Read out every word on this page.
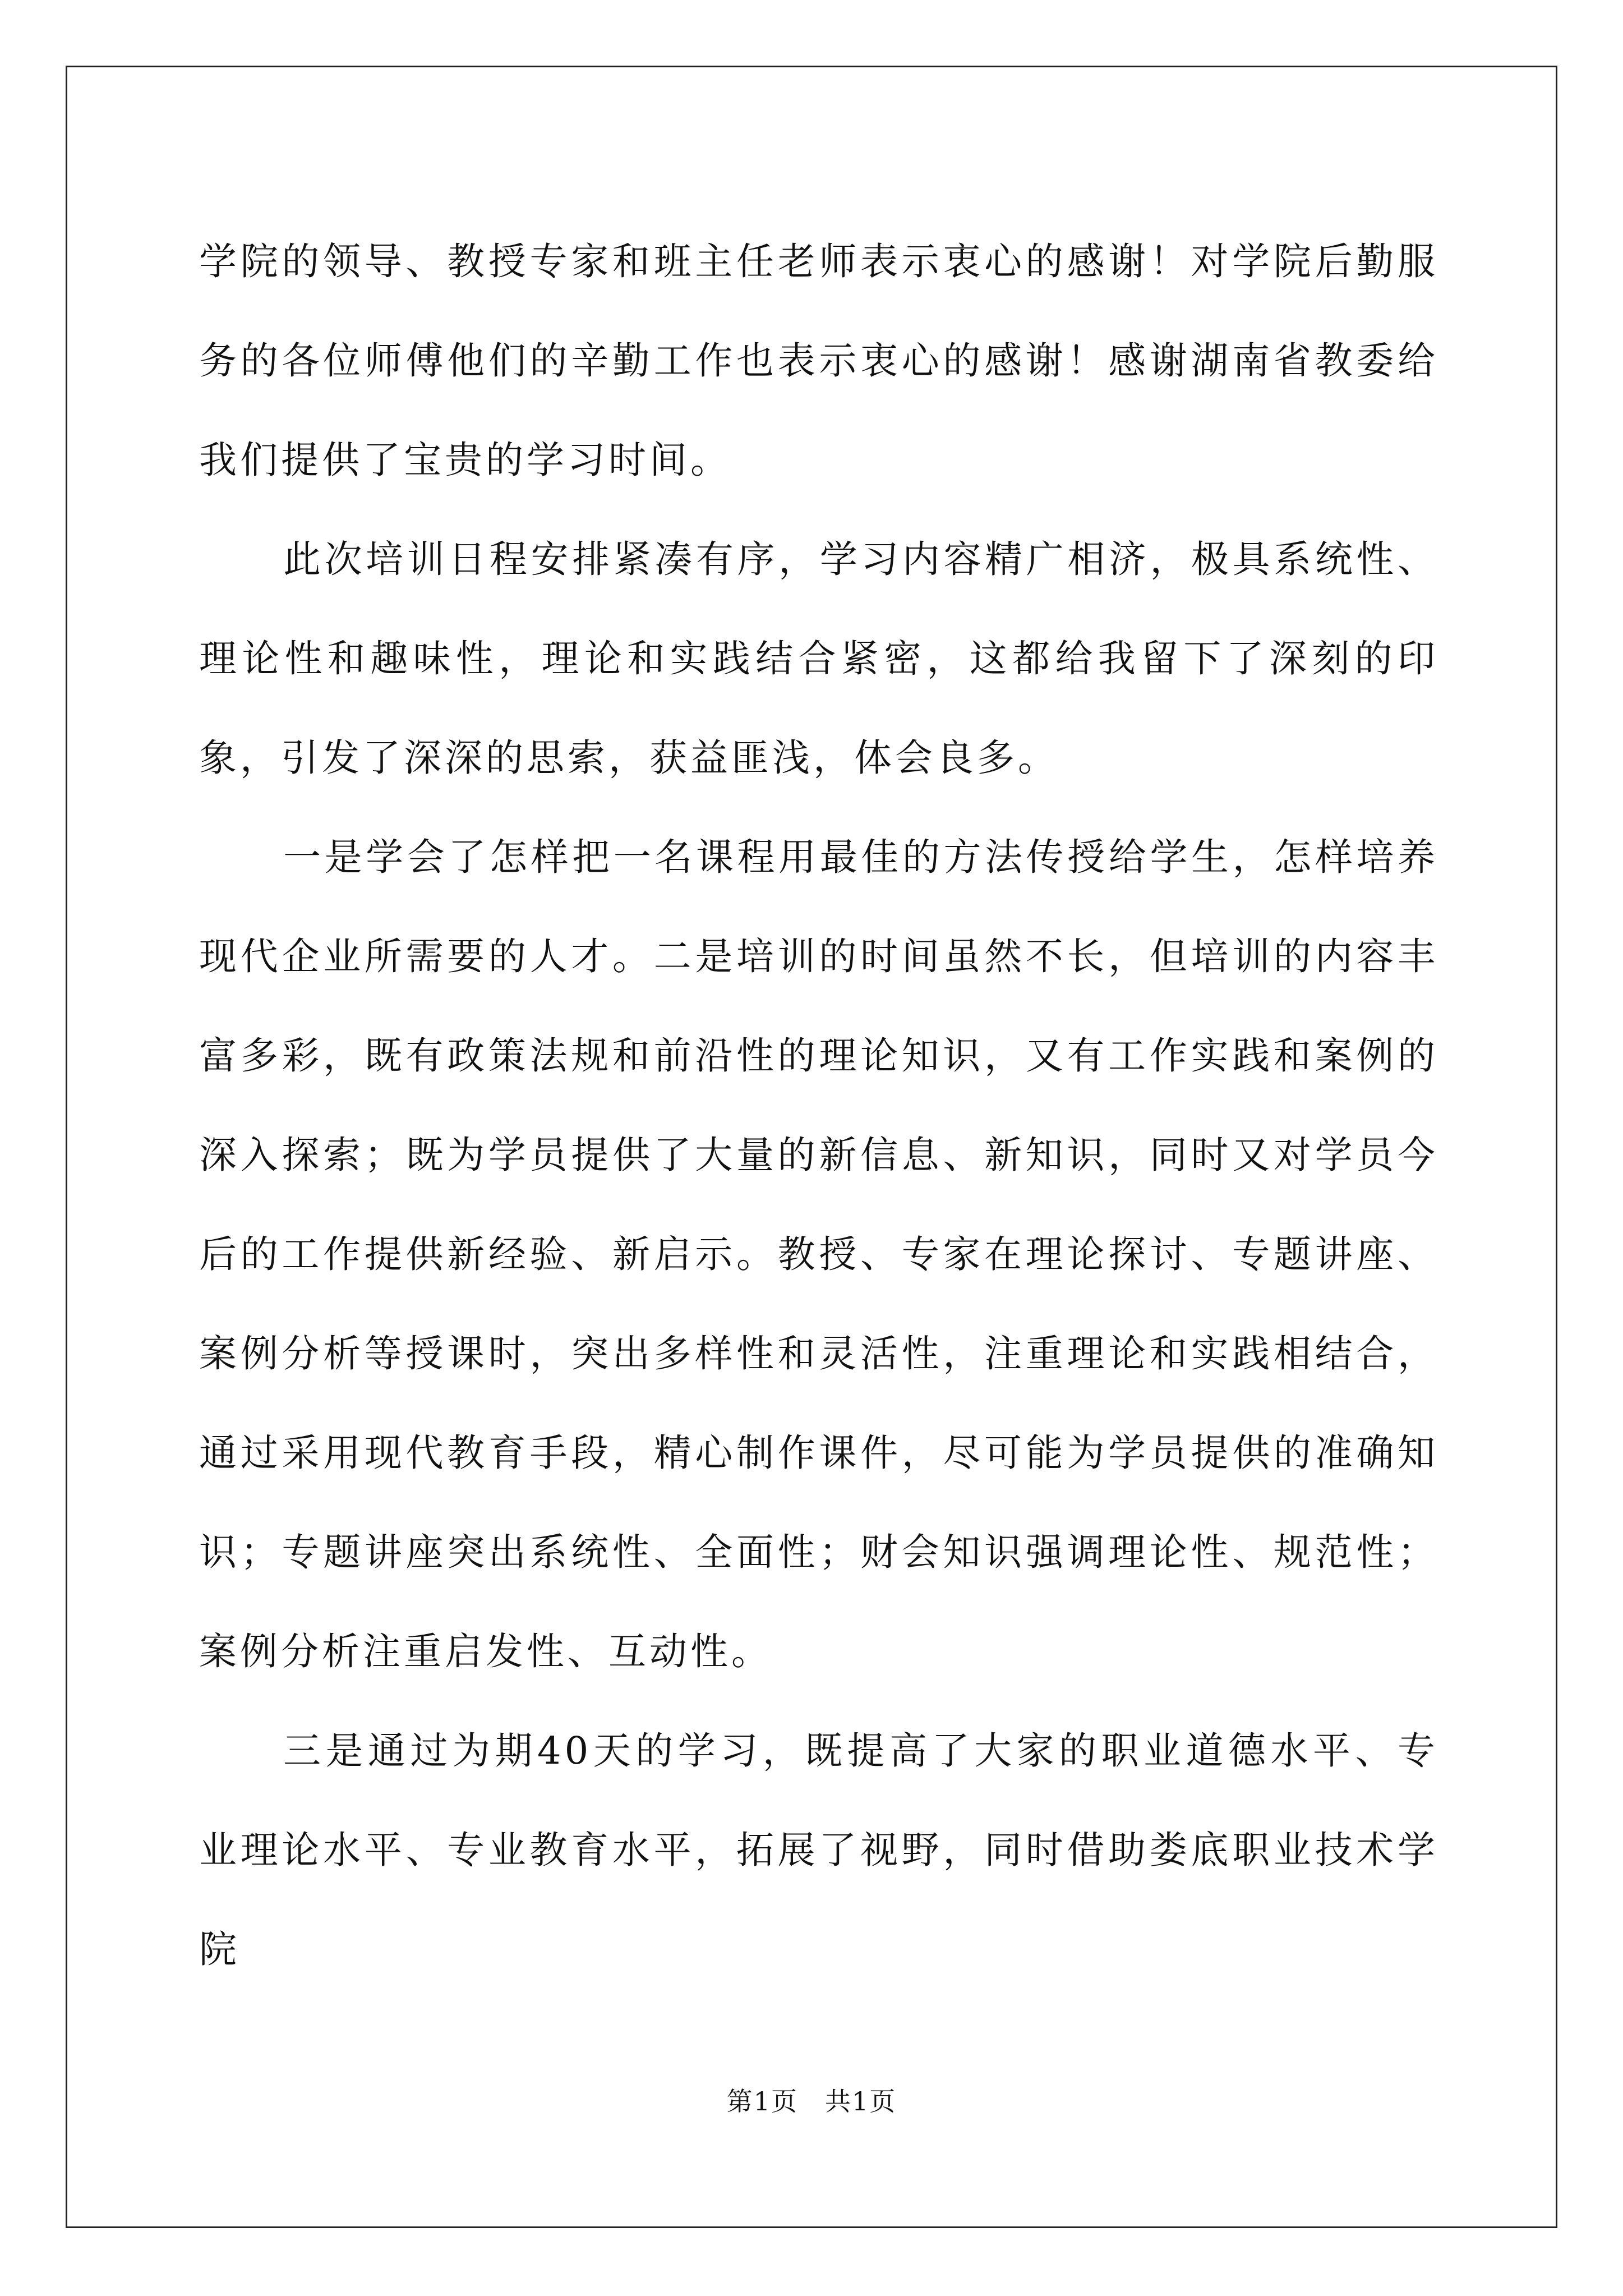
学院的领导、教授专家和班主任老师表示衷心的感谢！对学院后勤服务的各位师傅他们的辛勤工作也表示衷心的感谢！感谢湖南省教委给我们提供了宝贵的学习时间。

此次培训日程安排紧凑有序，学习内容精广相济，极具系统性、理论性和趣味性，理论和实践结合紧密，这都给我留下了深刻的印象，引发了深深的思索，获益匪浅，体会良多。

一是学会了怎样把一名课程用最佳的方法传授给学生，怎样培养现代企业所需要的人才。二是培训的时间虽然不长，但培训的内容丰富多彩，既有政策法规和前沿性的理论知识，又有工作实践和案例的深入探索；既为学员提供了大量的新信息、新知识，同时又对学员今后的工作提供新经验、新启示。教授、专家在理论探讨、专题讲座、案例分析等授课时，突出多样性和灵活性，注重理论和实践相结合，通过采用现代教育手段，精心制作课件，尽可能为学员提供的准确知识；专题讲座突出系统性、全面性；财会知识强调理论性、规范性；案例分析注重启发性、互动性。

三是通过为期40天的学习，既提高了大家的职业道德水平、专业理论水平、专业教育水平，拓展了视野，同时借助娄底职业技术学院

第1页　共1页
